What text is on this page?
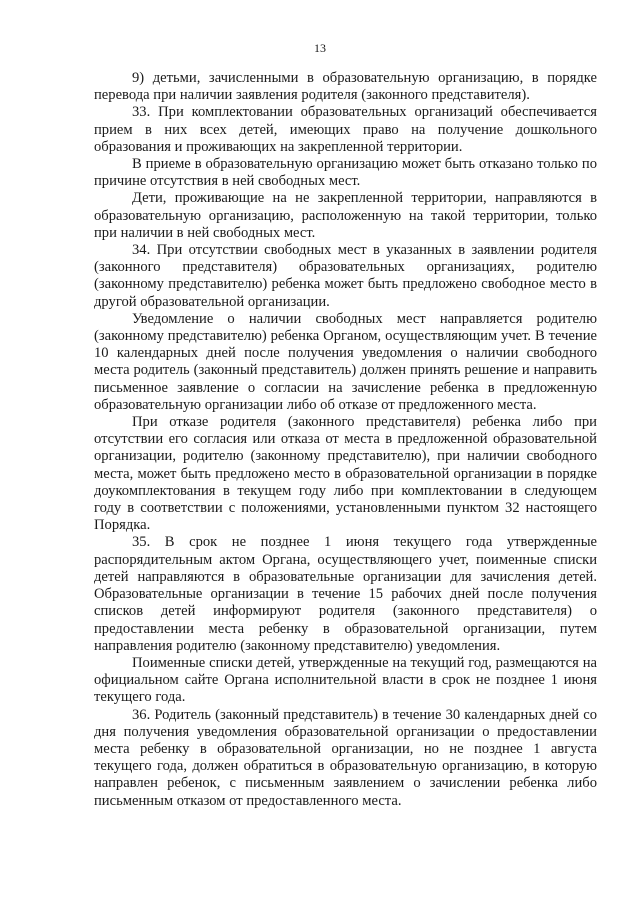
13

9) детьми, зачисленными в образовательную организацию, в порядке перевода при наличии заявления родителя (законного представителя).

33. При комплектовании образовательных организаций обеспечивается прием в них всех детей, имеющих право на получение дошкольного образования и проживающих на закрепленной территории.

В приеме в образовательную организацию может быть отказано только по причине отсутствия в ней свободных мест.

Дети, проживающие на не закрепленной территории, направляются в образовательную организацию, расположенную на такой территории, только при наличии в ней свободных мест.

34. При отсутствии свободных мест в указанных в заявлении родителя (законного представителя) образовательных организациях, родителю (законному представителю) ребенка может быть предложено свободное место в другой образовательной организации.

Уведомление о наличии свободных мест направляется родителю (законному представителю) ребенка Органом, осуществляющим учет. В течение 10 календарных дней после получения уведомления о наличии свободного места родитель (законный представитель) должен принять решение и направить письменное заявление о согласии на зачисление ребенка в предложенную образовательную организации либо об отказе от предложенного места.

При отказе родителя (законного представителя) ребенка либо при отсутствии его согласия или отказа от места в предложенной образовательной организации, родителю (законному представителю), при наличии свободного места, может быть предложено место в образовательной организации в порядке доукомплектования в текущем году либо при комплектовании в следующем году в соответствии с положениями, установленными пунктом 32 настоящего Порядка.

35. В срок не позднее 1 июня текущего года утвержденные распорядительным актом Органа, осуществляющего учет, поименные списки детей направляются в образовательные организации для зачисления детей. Образовательные организации в течение 15 рабочих дней после получения списков детей информируют родителя (законного представителя) о предоставлении места ребенку в образовательной организации, путем направления родителю (законному представителю) уведомления.

Поименные списки детей, утвержденные на текущий год, размещаются на официальном сайте Органа исполнительной власти в срок не позднее 1 июня текущего года.

36. Родитель (законный представитель) в течение 30 календарных дней со дня получения уведомления образовательной организации о предоставлении места ребенку в образовательной организации, но не позднее 1 августа текущего года, должен обратиться в образовательную организацию, в которую направлен ребенок, с письменным заявлением о зачислении ребенка либо письменным отказом от предоставленного места.
